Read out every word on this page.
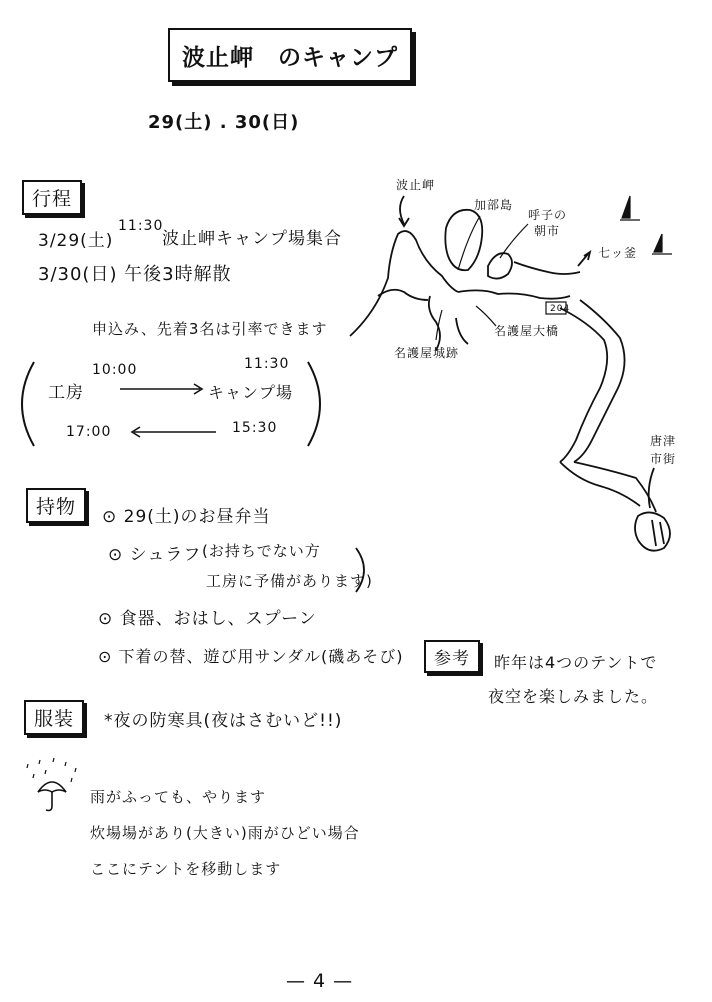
波止岬　のキャンプ
29(土) . 30(日)
行程
3/29(土)
11:30
波止岬キャンプ場集合
3/30(日) 午後3時解散
申込み、先着3名は引率できます
工房
10:00	11:30
キャンプ場
17:00	15:30
持物	⊙ 29(土)のお昼弁当
⊙ シュラフ (お持ちでない方
工房に予備があります)
⊙ 食器、おはし、スプーン
⊙ 下着の替、遊び用サンダル(磯あそび)
服装	*夜の防寒具(夜はさむいど!!)
雨がふっても、やります
炊場場があり(大きい)雨がひどい場合
ここにテントを移動します
参考	昨年は4つのテントで
夜空を楽しみました。
波止岬
加部島
呼子の
朝市
名護屋城跡
名護屋大橋
204
七ッ釜
唐津
市街
— 4 —
